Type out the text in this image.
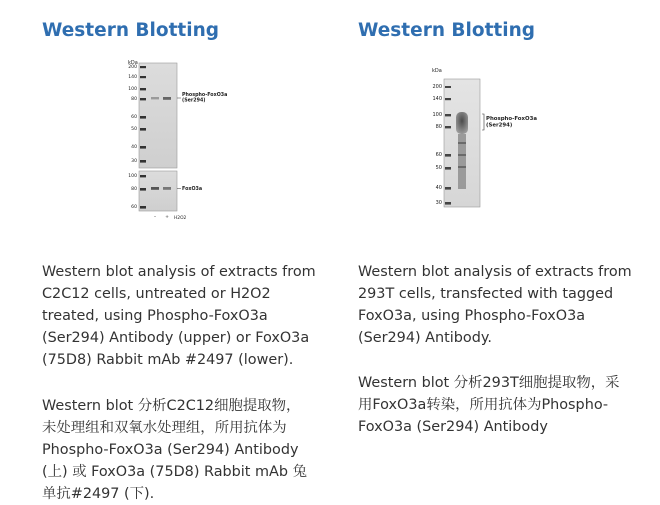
Western Blotting
kDa
200
140
100
80
60
50
40
30
Phospho-FoxO3a
(Ser294)
100
80
60
FoxO3a
– + H2O2

Western blot analysis of extracts from
C2C12 cells, untreated or H2O2
treated, using Phospho-FoxO3a
(Ser294) Antibody (upper) or FoxO3a
(75D8) Rabbit mAb #2497 (lower).

Western blot 分析C2C12细胞提取物，
未处理组和双氧水处理组，所用抗体为
Phospho-FoxO3a (Ser294) Antibody
(上) 或 FoxO3a (75D8) Rabbit mAb 兔
单抗#2497 (下).

Western Blotting
kDa
200
140
100
80
60
50
40
30
Phospho-FoxO3a
(Ser294)

Western blot analysis of extracts from
293T cells, transfected with tagged
FoxO3a, using Phospho-FoxO3a
(Ser294) Antibody.

Western blot 分析293T细胞提取物，采
用FoxO3a转染，所用抗体为Phospho-
FoxO3a (Ser294) Antibody
